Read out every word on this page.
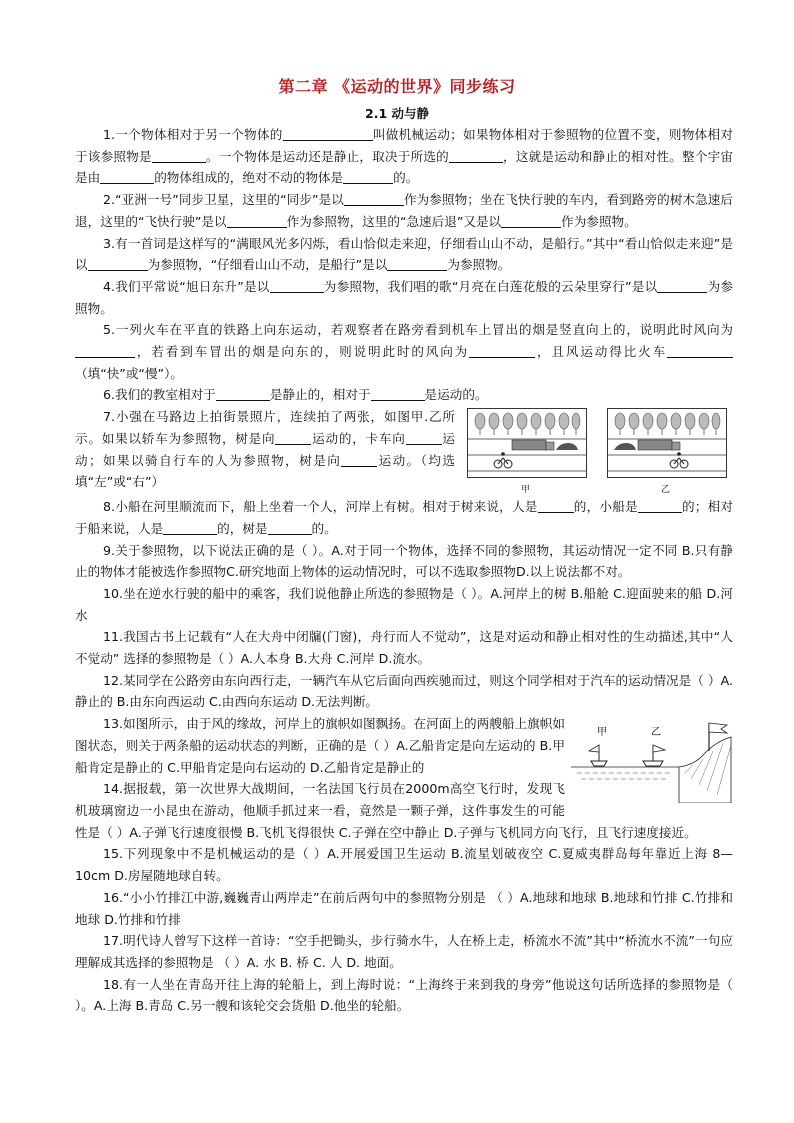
第二章 《运动的世界》同步练习
2.1 动与静

1.一个物体相对于另一个物体的	叫做机械运动；如果物体相对于参照物的位置不变，则物体相对于该参照物是	。一个物体是运动还是静止，取决于所选的	，这就是运动和静止的相对性。整个宇宙是由	的物体组成的，绝对不动的物体是	的。

2.“亚洲一号”同步卫星，这里的“同步”是以	作为参照物；坐在飞快行驶的车内，看到路旁的树木急速后退，这里的“飞快行驶”是以	作为参照物，这里的“急速后退”又是以	作为参照物。

3.有一首词是这样写的“满眼风光多闪烁，看山恰似走来迎，仔细看山山不动，是船行。”其中“看山恰似走来迎”是以	为参照物，“仔细看山山不动，是船行”是以	为参照物。

4.我们平常说“旭日东升”是以	为参照物，我们唱的歌“月亮在白莲花般的云朵里穿行”是以	为参照物。

5.一列火车在平直的铁路上向东运动，若观察者在路旁看到机车上冒出的烟是竖直向上的，说明此时风向为，若看到车冒出的烟是向东的，则说明此时的风向为	，且风运动得比火车（填“快”或“慢”）。

6.我们的教室相对于	是静止的，相对于	是运动的。

甲	乙

7.小强在马路边上拍街景照片，连续拍了两张，如图甲.乙所示。如果以轿车为参照物，树是向	运动的，卡车向	运动；如果以骑自行车的人为参照物，树是向	运动。（均选填“左”或“右”）

8.小船在河里顺流而下，船上坐着一个人，河岸上有树。相对于树来说，人是	的，小船是	的；相对于船来说，人是	的，树是	的。

9.关于参照物，以下说法正确的是（ ）。A.对于同一个物体，选择不同的参照物，其运动情况一定不同 B.只有静止的物体才能被选作参照物C.研究地面上物体的运动情况时，可以不选取参照物D.以上说法都不对。

10.坐在逆水行驶的船中的乘客，我们说他静止所选的参照物是（ ）。A.河岸上的树 B.船舱 C.迎面驶来的船 D.河水

11.我国古书上记载有“人在大舟中闭牖(门窗)，舟行而人不觉动”，这是对运动和静止相对性的生动描述,其中“人不觉动” 选择的参照物是（ ）A.人本身 B.大舟 C.河岸 D.流水。

12.某同学在公路旁由东向西行走，一辆汽车从它后面向西疾驰而过，则这个同学相对于汽车的运动情况是（ ）A.静止的 B.由东向西运动 C.由西向东运动 D.无法判断。

甲	乙

13.如图所示，由于风的缘故，河岸上的旗帜如图飘扬。在河面上的两艘船上旗帜如图状态，则关于两条船的运动状态的判断，正确的是（ ）A.乙船肯定是向左运动的 B.甲船肯定是静止的 C.甲船肯定是向右运动的 D.乙船肯定是静止的

14.据报载，第一次世界大战期间，一名法国飞行员在2000m高空飞行时，发现飞机玻璃窗边一小昆虫在游动，他顺手抓过来一看，竟然是一颗子弹，这件事发生的可能性是（ ）A.子弹飞行速度很慢 B.飞机飞得很快 C.子弹在空中静止 D.子弹与飞机同方向飞行，且飞行速度接近。

15.下列现象中不是机械运动的是（ ）A.开展爱国卫生运动 B.流星划破夜空 C.夏威夷群岛每年靠近上海 8—10cm D.房屋随地球自转。

16.“小小竹排江中游,巍巍青山两岸走”在前后两句中的参照物分别是 （ ）A.地球和地球 B.地球和竹排 C.竹排和地球 D.竹排和竹排

17.明代诗人曾写下这样一首诗：“空手把锄头，步行骑水牛，人在桥上走，桥流水不流”其中“桥流水不流”一句应理解成其选择的参照物是 （ ）A. 水 B. 桥 C. 人 D. 地面。

18.有一人坐在青岛开往上海的轮船上，到上海时说：“上海终于来到我的身旁”他说这句话所选择的参照物是（ ）。A.上海 B.青岛 C.另一艘和该轮交会货船 D.他坐的轮船。
